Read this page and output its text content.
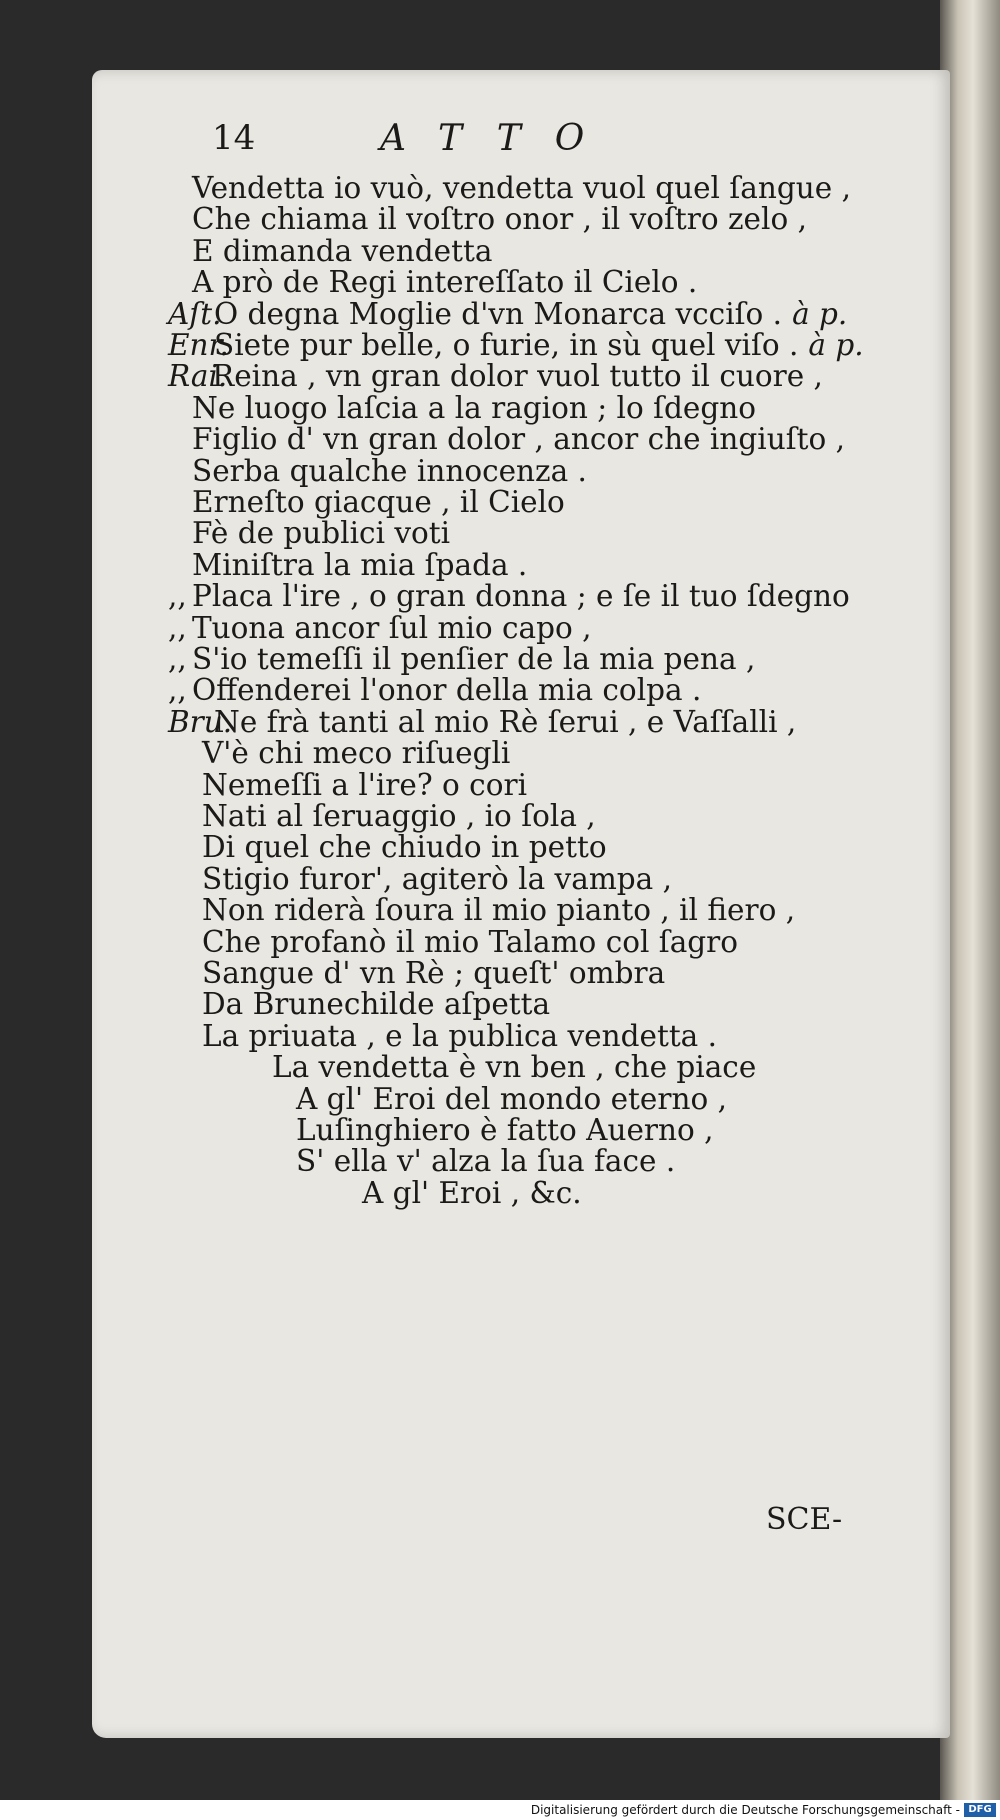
14	ATTO
Vendetta io vuò, vendetta vuol quel ſangue ,
Che chiama il voſtro onor , il voſtro zelo ,
E dimanda vendetta
A prò de Regi intereſſato il Cielo .
Aſt.
O degna Moglie d'vn Monarca vcciſo . à p.
Enr.
Siete pur belle, o furie, in sù quel viſo . à p.
Rai.
Reina , vn gran dolor vuol tutto il cuore ,
Ne luogo laſcia a la ragion ; lo ſdegno
Figlio d' vn gran dolor , ancor che ingiuſto ,
Serba qualche innocenza .
Erneſto giacque , il Cielo
Fè de publici voti
Miniſtra la mia ſpada .
,, Placa l'ire , o gran donna ; e ſe il tuo ſdegno
,, Tuona ancor ſul mio capo ,
,, S'io temeſſi il penſier de la mia pena ,
,, Offenderei l'onor della mia colpa .
Bru.
Ne frà tanti al mio Rè ſerui , e Vaſſalli ,
V'è chi meco riſuegli
Nemeſſi a l'ire? o cori
Nati al ſeruaggio , io ſola ,
Di quel che chiudo in petto
Stigio furor', agiterò la vampa ,
Non riderà ſoura il mio pianto , il fiero ,
Che profanò il mio Talamo col ſagro
Sangue d' vn Rè ; queſt' ombra
Da Brunechilde aſpetta
La priuata , e la publica vendetta .
La vendetta è vn ben , che piace
A gl' Eroi del mondo eterno ,
Luſinghiero è fatto Auerno ,
S' ella v' alza la ſua face .
A gl' Eroi , &c.
SCE-
Digitalisierung gefördert durch die Deutsche Forschungsgemeinschaft - DFG
